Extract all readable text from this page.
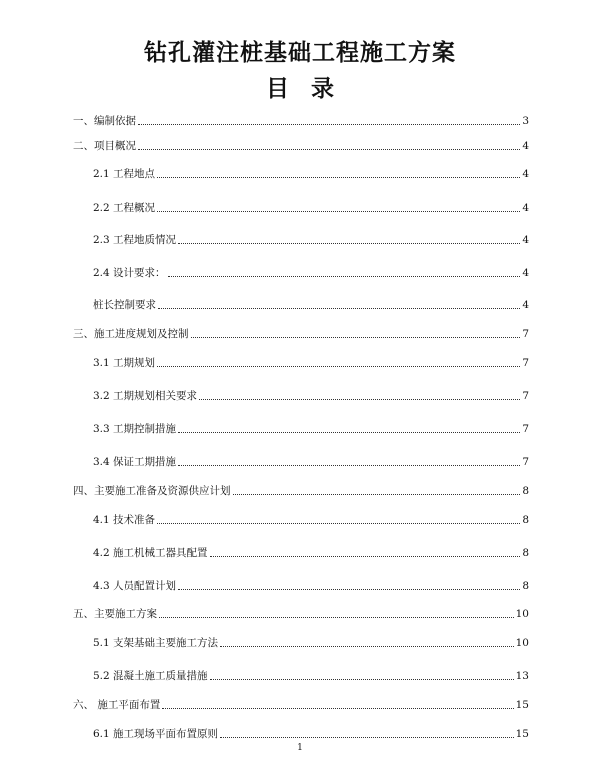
钻孔灌注桩基础工程施工方案
目录
一、编制依据	3
二、项目概况	4
2.1 工程地点	4
2.2 工程概况	4
2.3 工程地质情况	4
2.4 设计要求：	4
桩长控制要求	4
三、施工进度规划及控制	7
3.1 工期规划	7
3.2 工期规划相关要求	7
3.3 工期控制措施	7
3.4 保证工期措施	7
四、主要施工准备及资源供应计划	8
4.1 技术准备	8
4.2 施工机械工器具配置	8
4.3 人员配置计划	8
五、主要施工方案	10
5.1 支架基础主要施工方法	10
5.2 混凝土施工质量措施	13
六、 施工平面布置	15
6.1 施工现场平面布置原则	15
1
